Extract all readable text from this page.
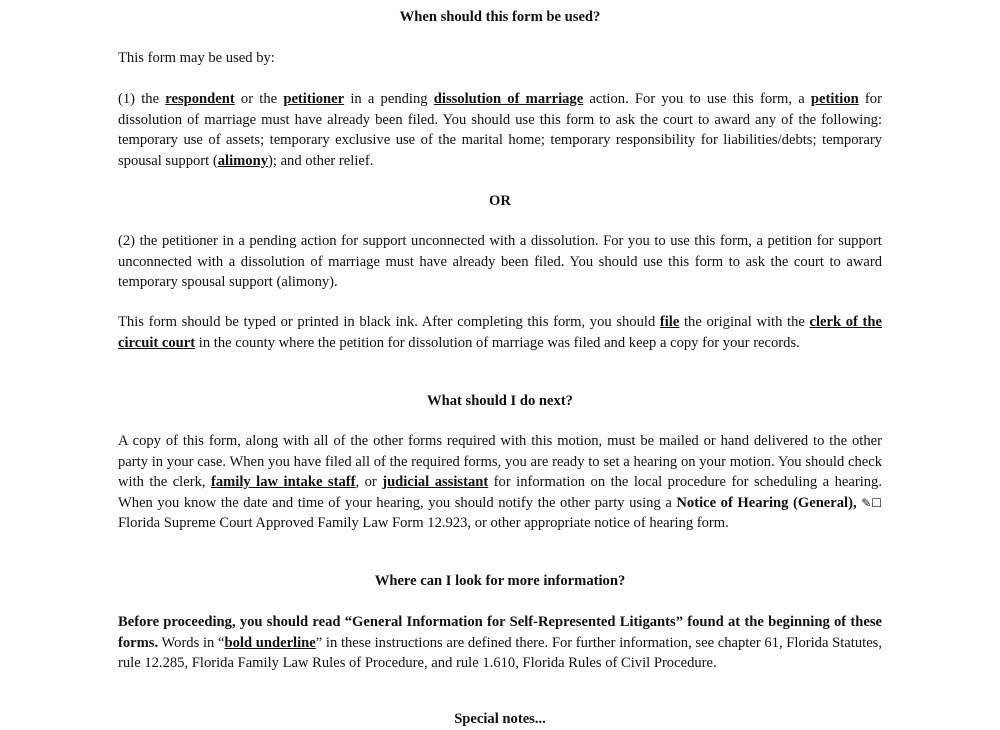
When should this form be used?

This form may be used by:

(1) the respondent or the petitioner in a pending dissolution of marriage action. For you to use this form, a petition for dissolution of marriage must have already been filed. You should use this form to ask the court to award any of the following: temporary use of assets; temporary exclusive use of the marital home; temporary responsibility for liabilities/debts; temporary spousal support (alimony); and other relief.

OR

(2) the petitioner in a pending action for support unconnected with a dissolution. For you to use this form, a petition for support unconnected with a dissolution of marriage must have already been filed. You should use this form to ask the court to award temporary spousal support (alimony).

This form should be typed or printed in black ink. After completing this form, you should file the original with the clerk of the circuit court in the county where the petition for dissolution of marriage was filed and keep a copy for your records.

What should I do next?

A copy of this form, along with all of the other forms required with this motion, must be mailed or hand delivered to the other party in your case. When you have filed all of the required forms, you are ready to set a hearing on your motion. You should check with the clerk, family law intake staff, or judicial assistant for information on the local procedure for scheduling a hearing. When you know the date and time of your hearing, you should notify the other party using a Notice of Hearing (General), ✎☐ Florida Supreme Court Approved Family Law Form 12.923, or other appropriate notice of hearing form.

Where can I look for more information?

Before proceeding, you should read “General Information for Self-Represented Litigants” found at the beginning of these forms. Words in “bold underline” in these instructions are defined there. For further information, see chapter 61, Florida Statutes, rule 12.285, Florida Family Law Rules of Procedure, and rule 1.610, Florida Rules of Civil Procedure.

Special notes...
